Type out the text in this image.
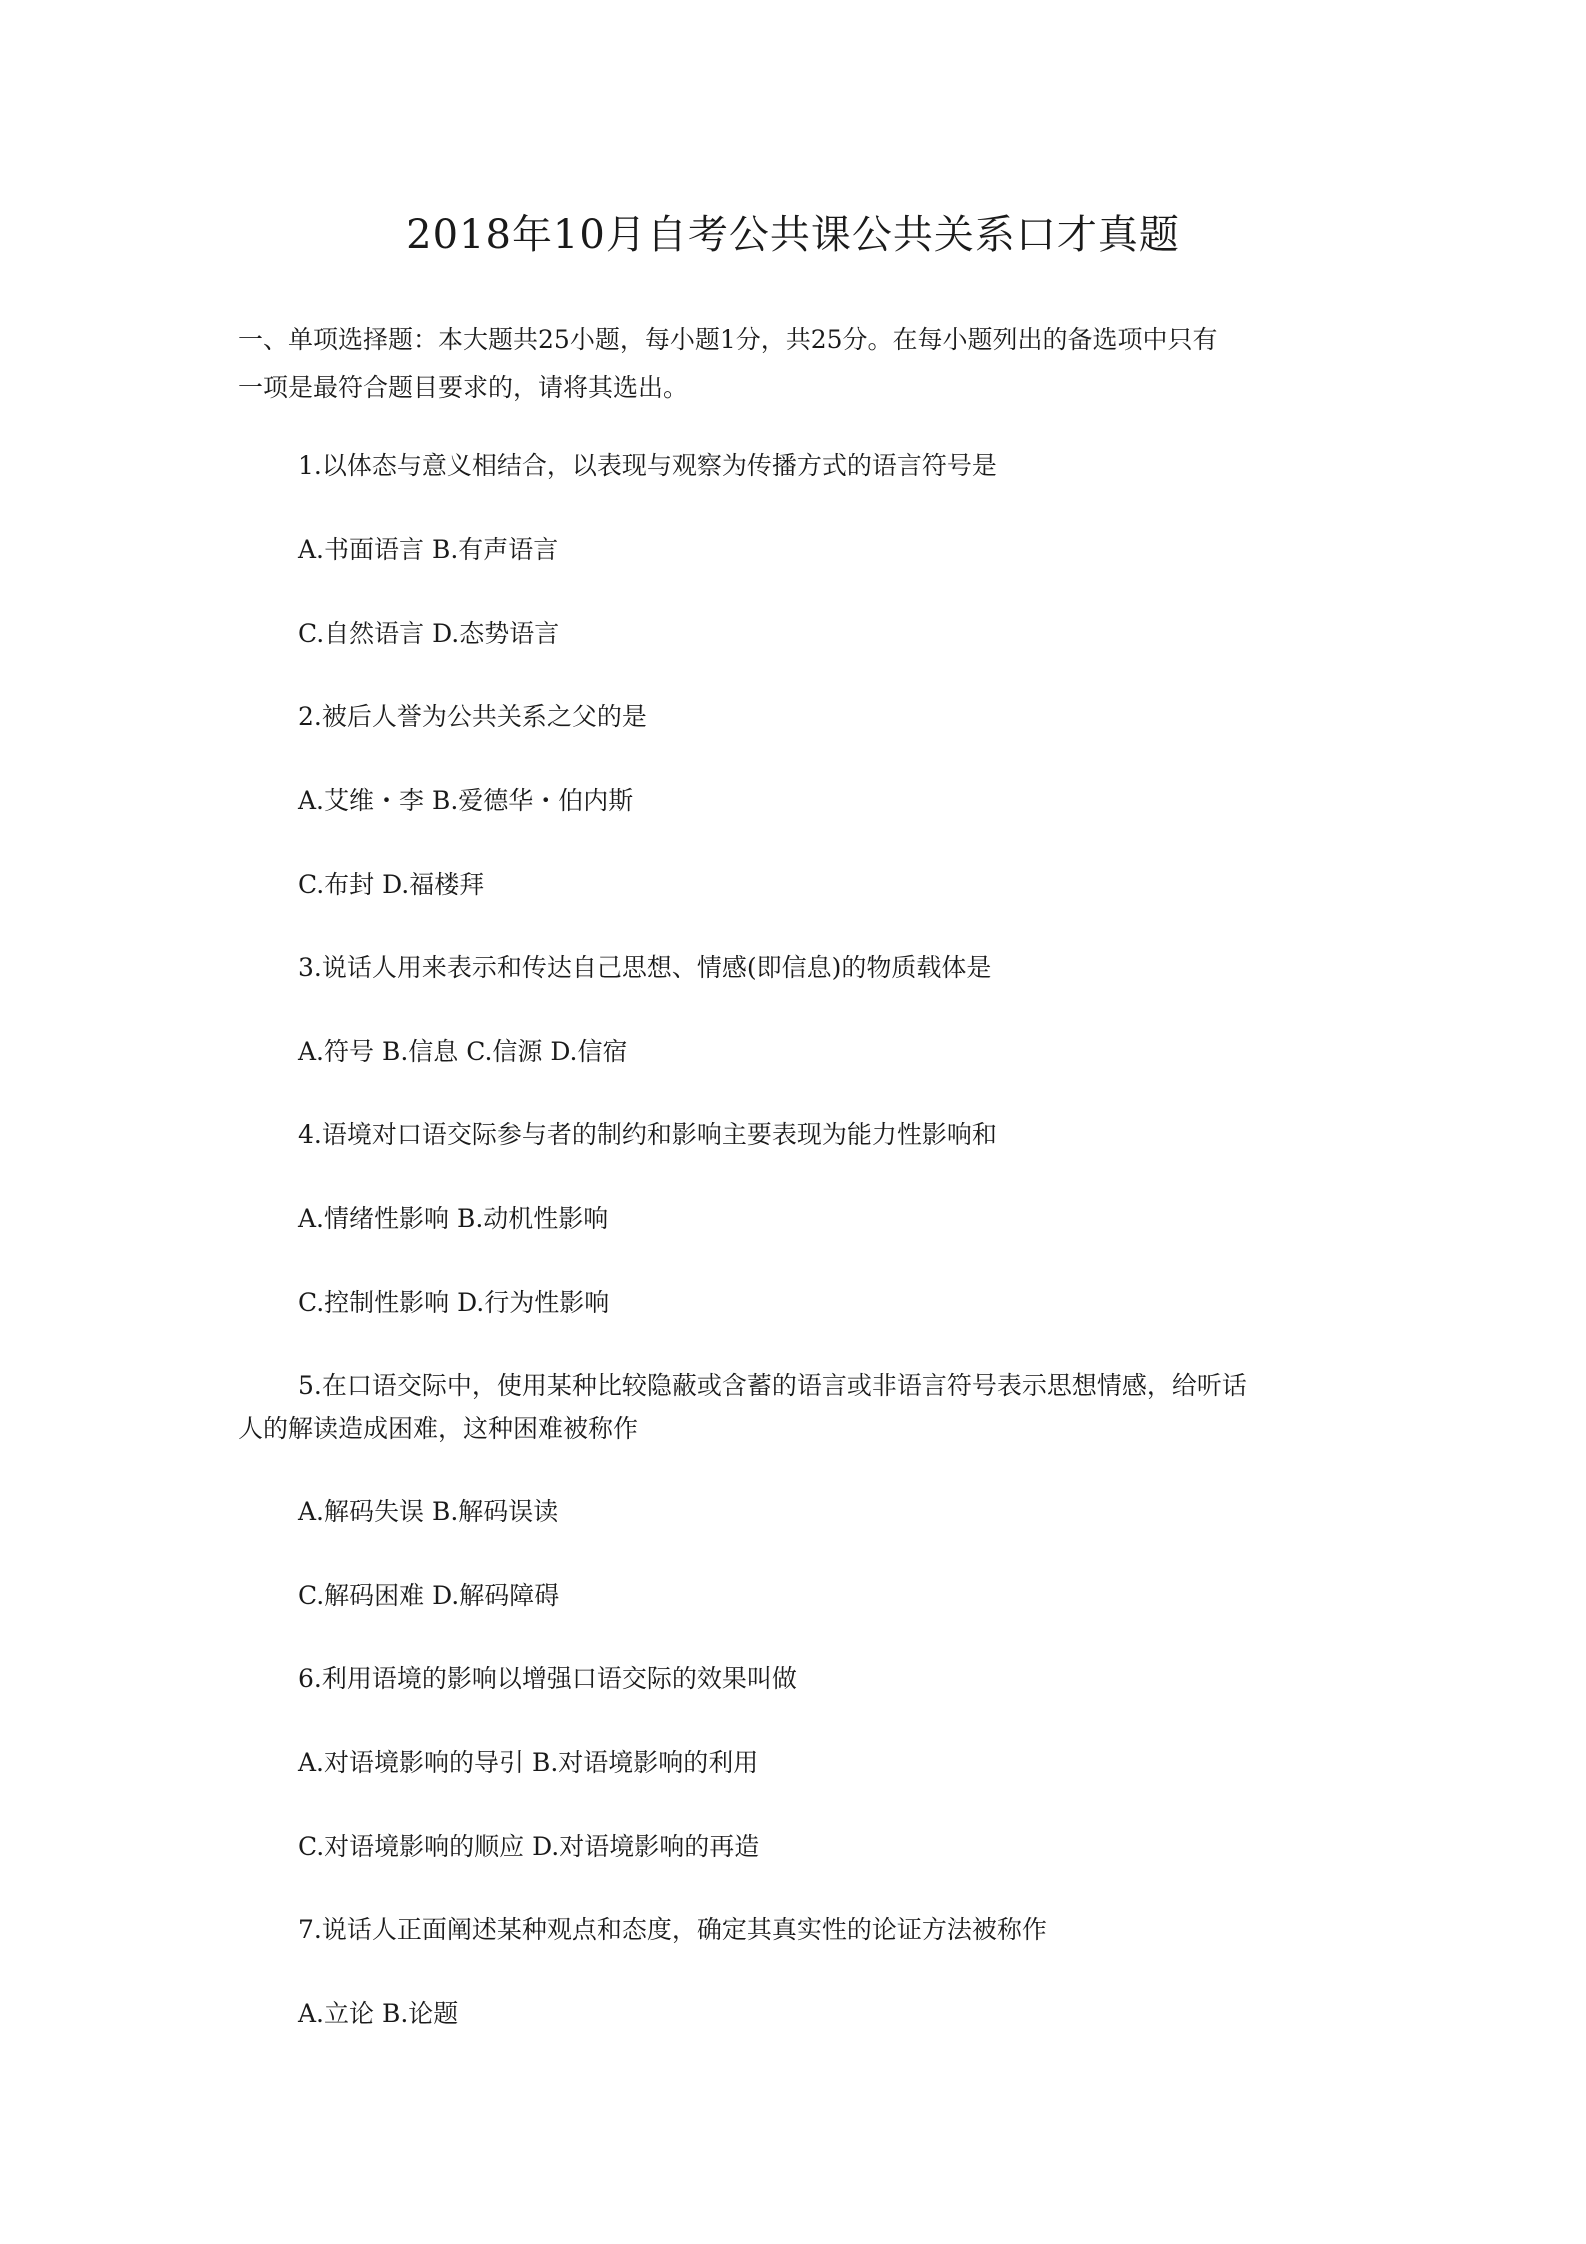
2018年10月自考公共课公共关系口才真题
一、单项选择题：本大题共25小题，每小题1分，共25分。在每小题列出的备选项中只有
一项是最符合题目要求的，请将其选出。
1.以体态与意义相结合，以表现与观察为传播方式的语言符号是
A.书面语言 B.有声语言
C.自然语言 D.态势语言
2.被后人誉为公共关系之父的是
A.艾维・李 B.爱德华・伯内斯
C.布封 D.福楼拜
3.说话人用来表示和传达自己思想、情感(即信息)的物质载体是
A.符号 B.信息 C.信源 D.信宿
4.语境对口语交际参与者的制约和影响主要表现为能力性影响和
A.情绪性影响 B.动机性影响
C.控制性影响 D.行为性影响
5.在口语交际中，使用某种比较隐蔽或含蓄的语言或非语言符号表示思想情感，给听话
人的解读造成困难，这种困难被称作
A.解码失误 B.解码误读
C.解码困难 D.解码障碍
6.利用语境的影响以增强口语交际的效果叫做
A.对语境影响的导引 B.对语境影响的利用
C.对语境影响的顺应 D.对语境影响的再造
7.说话人正面阐述某种观点和态度，确定其真实性的论证方法被称作
A.立论 B.论题
